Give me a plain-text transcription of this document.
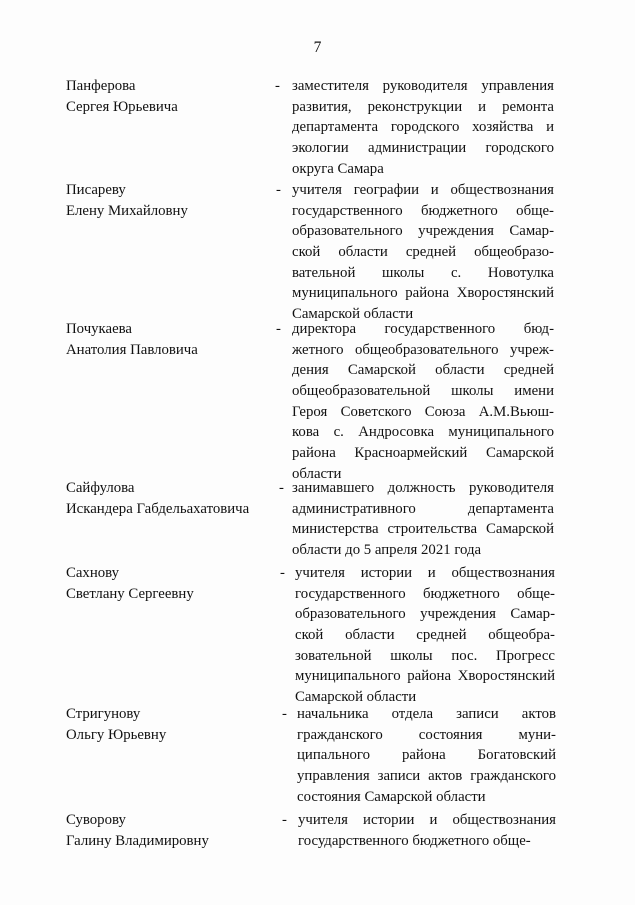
7
Панферова
Сергея Юрьевича
- заместителя руководителя управления
развития, реконструкции и ремонта
департамента городского хозяйства и
экологии администрации городского
округа Самара
Писареву
Елену Михайловну
- учителя географии и обществознания
государственного бюджетного обще-
образовательного учреждения Самар-
ской области средней общеобразо-
вательной школы с. Новотулка
муниципального района Хворостянский
Самарской области
Почукаева
Анатолия Павловича
- директора государственного бюд-
жетного общеобразовательного учреж-
дения Самарской области средней
общеобразовательной школы имени
Героя Советского Союза А.М.Вьюш-
кова с. Андросовка муниципального
района Красноармейский Самарской
области
Сайфулова
Искандера Габдельахатовича
- занимавшего должность руководителя
административного департамента
министерства строительства Самарской
области до 5 апреля 2021 года
Сахнову
Светлану Сергеевну
- учителя истории и обществознания
государственного бюджетного обще-
образовательного учреждения Самар-
ской области средней общеобра-
зовательной школы пос. Прогресс
муниципального района Хворостянский
Самарской области
Стригунову
Ольгу Юрьевну
- начальника отдела записи актов
гражданского состояния муни-
ципального района Богатовский
управления записи актов гражданского
состояния Самарской области
Суворову
Галину Владимировну
- учителя истории и обществознания
государственного бюджетного обще-
